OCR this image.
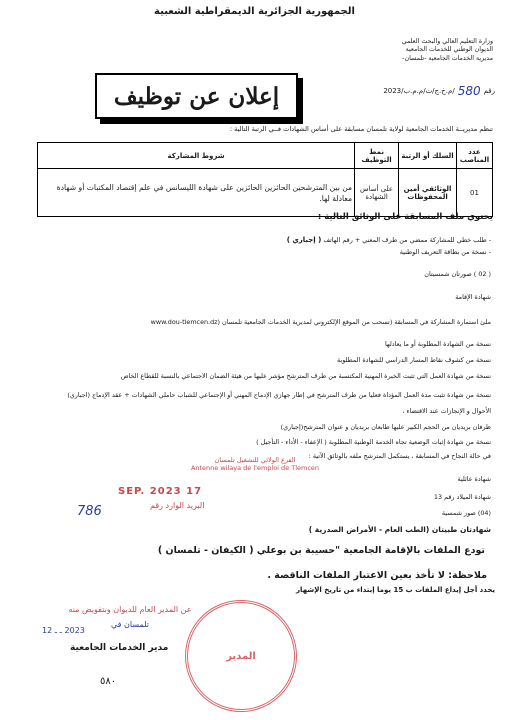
الجمهورية الجزائرية الديمقراطية الشعبية
وزارة التعليم العالي والبحث العلمي
الديوان الوطني للخدمات الجامعية
مديرية الخدمات الجامعية -تلمسان-
رقم
580
/م.خ.ج/ت/م.م.ب/2023
إعلان عن توظيف
تنظم مديريــة الخدمات الجامعية لولاية تلمسان مسابقة على أساس الشهادات فــي الرتبة التالية :
عدد المناصب	السلك أو الرتبة	نمط التوظيف	شروط المشاركة
01	الوثائقي أمين المحفوظات	على أساس الشهادة	من بين المترشحين الحائزين الحائزين على شهادة الليسانس في علم إقتصاد المكتبات أو شهادة معادلة لها.
يحتوي ملف المسابقة على الوثائق التالية :
- طلب خطي للمشاركة ممضي من طرف المعني + رقم الهاتف ( إجباري )
- نسخة من بطاقة التعريف الوطنية
( 02 ) صورتان شمسيتان
شهادة الإقامة
ملئ استمارة المشاركة في المسابقة (تسحب من الموقع الإلكتروني لمديرية الخدمات الجامعية تلمسان (www.dou-tlemcen.dz
نسخة من الشهادة المطلوبة أو ما يعادلها
نسخة من كشوف نقاط المسار الدراسي للشهادة المطلوبة
نسخة من شهادة العمل التي تثبت الخبرة المهنية المكتسبة من طرف المترشح مؤشر عليها من هيئة الضمان الاجتماعي بالنسبة للقطاع الخاص
نسخة من شهادة تثبت مدة العمل المؤداة فعليا من طرف المترشح في إطار جهازي الإدماج المهني أو الإجتماعي للشباب حاملي الشهادات + عقد الإدماج (اجباري)
الأحوال و الإنجازات عند الاقتضاء ،
ظرفان بريديان من الحجم الكبير عليها طابعان بريديان و عنوان المترشح(إجباري)
نسخة من شهادة إثبات الوضعية تجاه الخدمة الوطنية المطلوبة ( الإعفاء - الأداء - التأجيل )
في حالة النجاح في المسابقة ، يستكمل المترشح ملفه بالوثائق الآتية :
شهادة عائلية
شهادة الميلاد رقم 13
(04) صور شمسية
شهادتان طبيتان (الطب العام - الأمراض الصدرية )
تودع الملفات بالإقامة الجامعية "حسيبة بن بوعلي ( الكيفان - تلمسان )
ملاحظة: لا تأخذ بعين الاعتبار الملفات الناقصة .
يحدد أجل إيداع الملفات ب 15 يوما إبتداء من تاريخ الإشهار
الفرع الولائي للتشغيل تلمسان
Antenne wilaya de l'emploi de Tlemcen
17 SEP. 2023
البريد الوارد رقم
786
عن المدير العام للديوان وبتفويض منه
تلمسان في
2023 ـ ـ 12
المدير
مدير الخدمات الجامعية
٥٨٠
